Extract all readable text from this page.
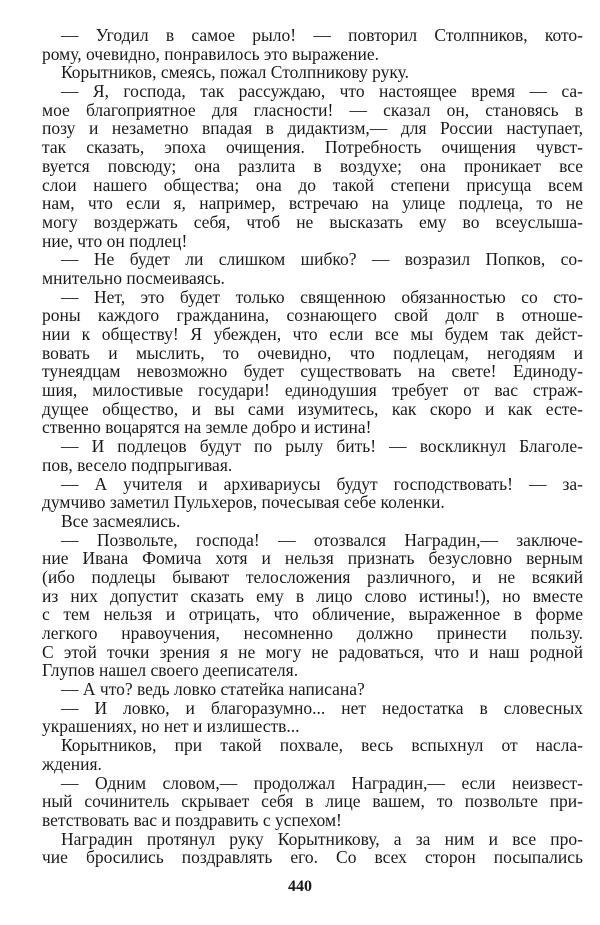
— Угодил в самое рыло! — повторил Столпников, кото-
рому, очевидно, понравилось это выражение.
Корытников, смеясь, пожал Столпникову руку.
— Я, господа, так рассуждаю, что настоящее время — са-
мое благоприятное для гласности! — сказал он, становясь в
позу и незаметно впадая в дидактизм,— для России наступает,
так сказать, эпоха очищения. Потребность очищения чувст-
вуется повсюду; она разлита в воздухе; она проникает все
слои нашего общества; она до такой степени присуща всем
нам, что если я, например, встречаю на улице подлеца, то не
могу воздержать себя, чтоб не высказать ему во всеуслыша-
ние, что он подлец!
— Не будет ли слишком шибко? — возразил Попков, со-
мнительно посмеиваясь.
— Нет, это будет только священною обязанностью со сто-
роны каждого гражданина, сознающего свой долг в отноше-
нии к обществу! Я убежден, что если все мы будем так дейст-
вовать и мыслить, то очевидно, что подлецам, негодяям и
тунеядцам невозможно будет существовать на свете! Единоду-
шия, милостивые государи! единодушия требует от вас страж-
дущее общество, и вы сами изумитесь, как скоро и как есте-
ственно воцарятся на земле добро и истина!
— И подлецов будут по рылу бить! — воскликнул Благоле-
пов, весело подпрыгивая.
— А учителя и архивариусы будут господствовать! — за-
думчиво заметил Пульхеров, почесывая себе коленки.
Все засмеялись.
— Позвольте, господа! — отозвался Наградин,— заключе-
ние Ивана Фомича хотя и нельзя признать безусловно верным
(ибо подлецы бывают телосложения различного, и не всякий
из них допустит сказать ему в лицо слово истины!), но вместе
с тем нельзя и отрицать, что обличение, выраженное в форме
легкого нравоучения, несомненно должно принести пользу.
С этой точки зрения я не могу не радоваться, что и наш родной
Глупов нашел своего дееписателя.
— А что? ведь ловко статейка написана?
— И ловко, и благоразумно... нет недостатка в словесных
украшениях, но нет и излишеств...
Корытников, при такой похвале, весь вспыхнул от насла-
ждения.
— Одним словом,— продолжал Наградин,— если неизвест-
ный сочинитель скрывает себя в лице вашем, то позвольте при-
ветствовать вас и поздравить с успехом!
Наградин протянул руку Корытникову, а за ним и все про-
чие бросились поздравлять его. Со всех сторон посыпались
440
